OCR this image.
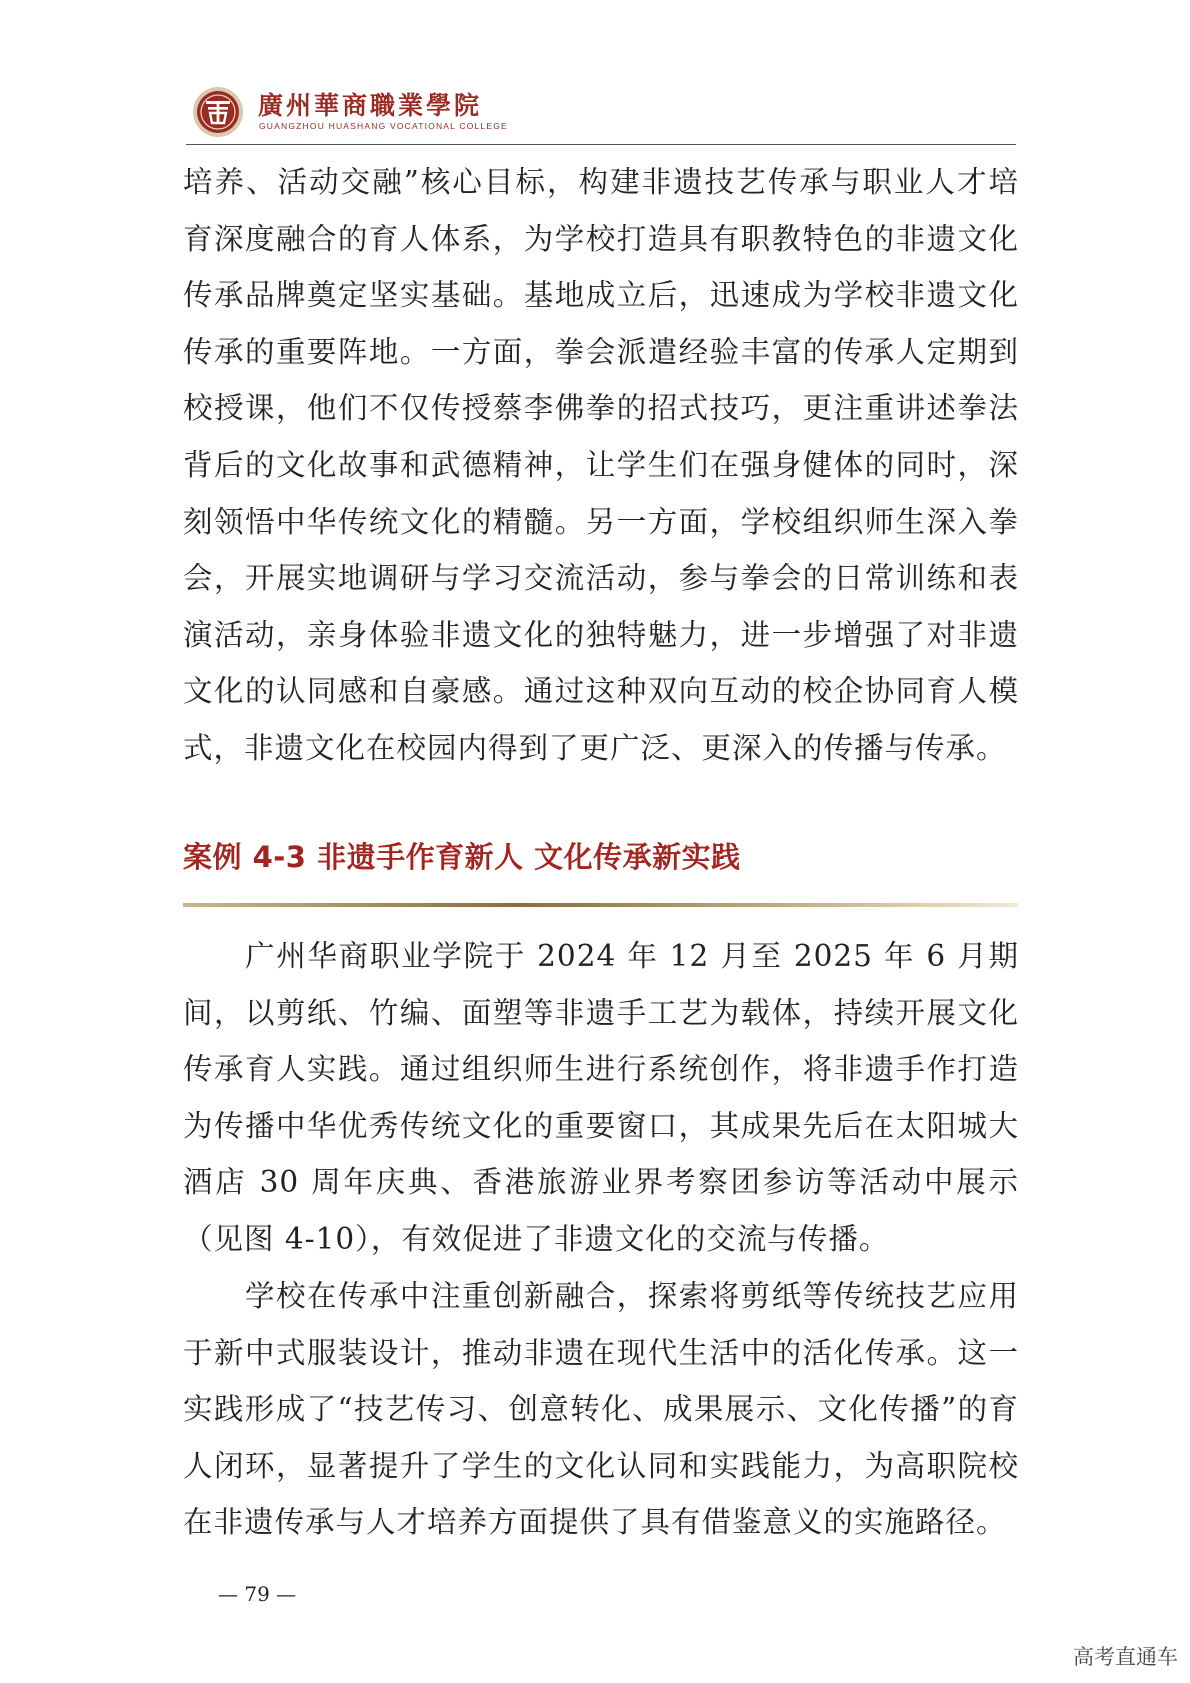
廣州華商職業學院
GUANGZHOU HUASHANG VOCATIONAL COLLEGE

培养、活动交融”核心目标，构建非遗技艺传承与职业人才培育深度融合的育人体系，为学校打造具有职教特色的非遗文化传承品牌奠定坚实基础。基地成立后，迅速成为学校非遗文化传承的重要阵地。一方面，拳会派遣经验丰富的传承人定期到校授课，他们不仅传授蔡李佛拳的招式技巧，更注重讲述拳法背后的文化故事和武德精神，让学生们在强身健体的同时，深刻领悟中华传统文化的精髓。另一方面，学校组织师生深入拳会，开展实地调研与学习交流活动，参与拳会的日常训练和表演活动，亲身体验非遗文化的独特魅力，进一步增强了对非遗文化的认同感和自豪感。通过这种双向互动的校企协同育人模式，非遗文化在校园内得到了更广泛、更深入的传播与传承。

案例 4-3 非遗手作育新人 文化传承新实践

广州华商职业学院于 2024 年 12 月至 2025 年 6 月期间，以剪纸、竹编、面塑等非遗手工艺为载体，持续开展文化传承育人实践。通过组织师生进行系统创作，将非遗手作打造为传播中华优秀传统文化的重要窗口，其成果先后在太阳城大酒店 30 周年庆典、香港旅游业界考察团参访等活动中展示（见图 4-10），有效促进了非遗文化的交流与传播。

学校在传承中注重创新融合，探索将剪纸等传统技艺应用于新中式服装设计，推动非遗在现代生活中的活化传承。这一实践形成了“技艺传习、创意转化、成果展示、文化传播”的育人闭环，显著提升了学生的文化认同和实践能力，为高职院校在非遗传承与人才培养方面提供了具有借鉴意义的实施路径。

— 79 —
高考直通车
